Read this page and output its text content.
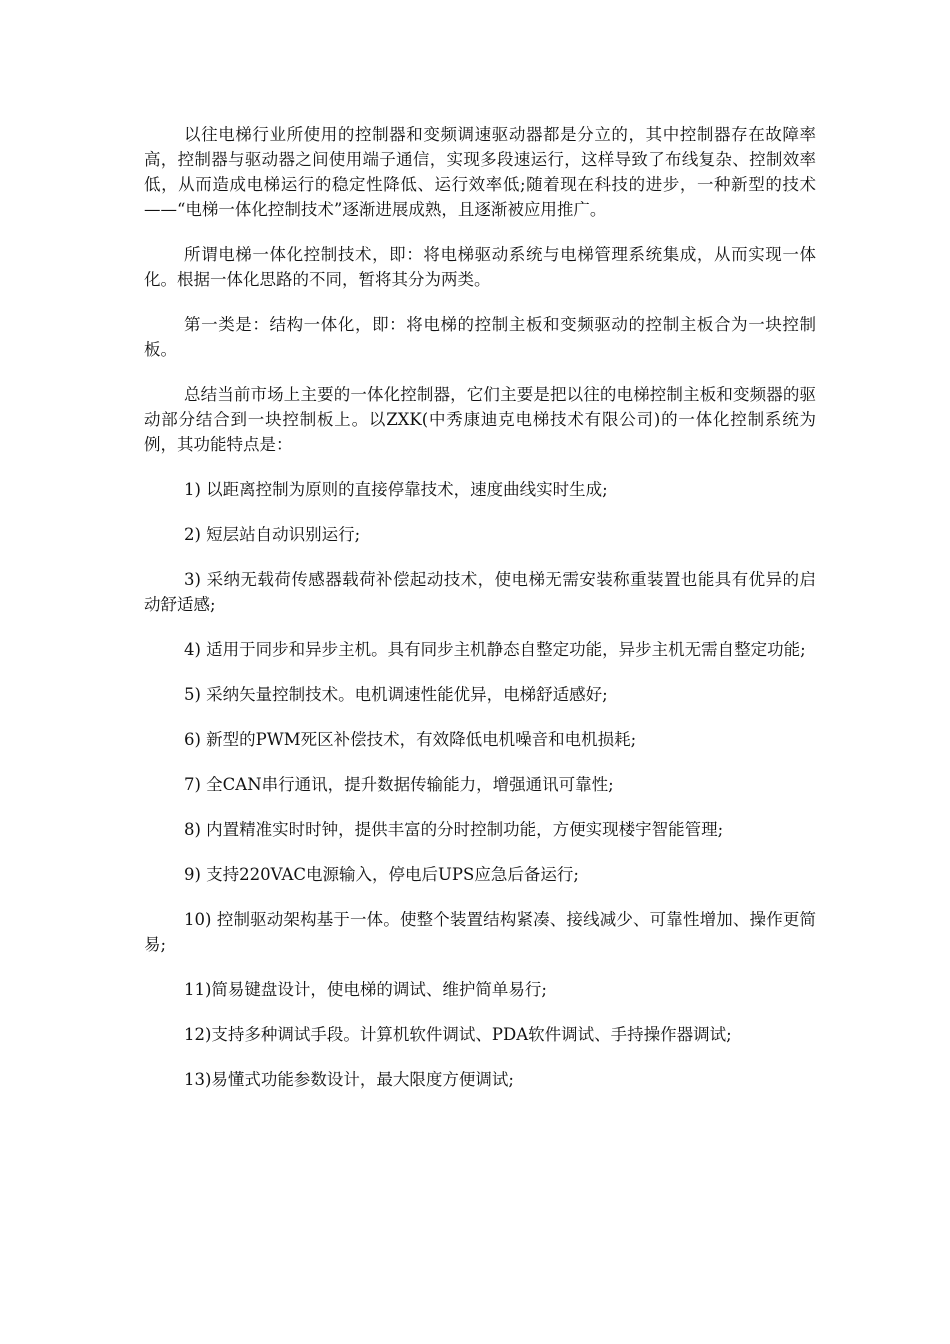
以往电梯行业所使用的控制器和变频调速驱动器都是分立的，其中控制器存在故障率高，控制器与驱动器之间使用端子通信，实现多段速运行，这样导致了布线复杂、控制效率低，从而造成电梯运行的稳定性降低、运行效率低;随着现在科技的进步，一种新型的技术——“电梯一体化控制技术”逐渐进展成熟，且逐渐被应用推广。

所谓电梯一体化控制技术，即：将电梯驱动系统与电梯管理系统集成，从而实现一体化。根据一体化思路的不同，暂将其分为两类。

第一类是：结构一体化，即：将电梯的控制主板和变频驱动的控制主板合为一块控制板。

总结当前市场上主要的一体化控制器，它们主要是把以往的电梯控制主板和变频器的驱动部分结合到一块控制板上。以ZXK(中秀康迪克电梯技术有限公司)的一体化控制系统为例，其功能特点是：

1) 以距离控制为原则的直接停靠技术，速度曲线实时生成;

2) 短层站自动识别运行;

3) 采纳无载荷传感器载荷补偿起动技术，使电梯无需安装称重装置也能具有优异的启动舒适感;

4) 适用于同步和异步主机。具有同步主机静态自整定功能，异步主机无需自整定功能;

5) 采纳矢量控制技术。电机调速性能优异，电梯舒适感好;

6) 新型的PWM死区补偿技术，有效降低电机噪音和电机损耗;

7) 全CAN串行通讯，提升数据传输能力，增强通讯可靠性;

8) 内置精准实时时钟，提供丰富的分时控制功能，方便实现楼宇智能管理;

9) 支持220VAC电源输入，停电后UPS应急后备运行;

10) 控制驱动架构基于一体。使整个装置结构紧凑、接线减少、可靠性增加、操作更简易;

11)简易键盘设计，使电梯的调试、维护简单易行;

12)支持多种调试手段。计算机软件调试、PDA软件调试、手持操作器调试;

13)易懂式功能参数设计，最大限度方便调试;
